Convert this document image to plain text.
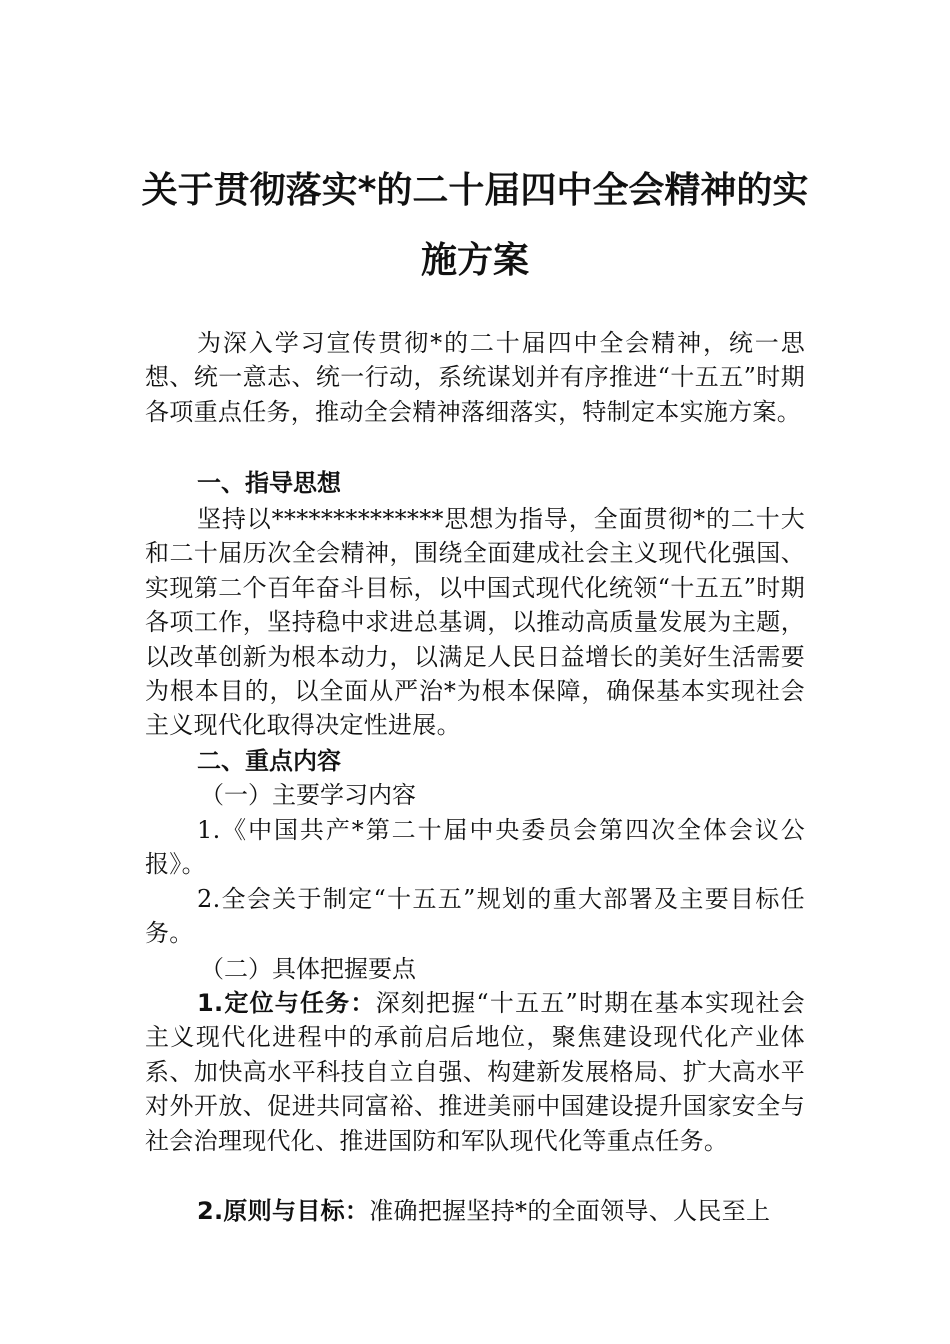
关于贯彻落实*的二十届四中全会精神的实
施方案
为深入学习宣传贯彻*的二十届四中全会精神，统一思想、统一意志、统一行动，系统谋划并有序推进“十五五”时期各项重点任务，推动全会精神落细落实，特制定本实施方案。
一、指导思想
坚持以**************思想为指导，全面贯彻*的二十大和二十届历次全会精神，围绕全面建成社会主义现代化强国、实现第二个百年奋斗目标，以中国式现代化统领“十五五”时期各项工作，坚持稳中求进总基调，以推动高质量发展为主题，以改革创新为根本动力，以满足人民日益增长的美好生活需要为根本目的，以全面从严治*为根本保障，确保基本实现社会主义现代化取得决定性进展。
二、重点内容
（一）主要学习内容
1.《中国共产*第二十届中央委员会第四次全体会议公报》。
2.全会关于制定“十五五”规划的重大部署及主要目标任务。
（二）具体把握要点
1.定位与任务：深刻把握“十五五”时期在基本实现社会主义现代化进程中的承前启后地位，聚焦建设现代化产业体系、加快高水平科技自立自强、构建新发展格局、扩大高水平对外开放、促进共同富裕、推进美丽中国建设提升国家安全与社会治理现代化、推进国防和军队现代化等重点任务。
2.原则与目标：准确把握坚持*的全面领导、人民至上
